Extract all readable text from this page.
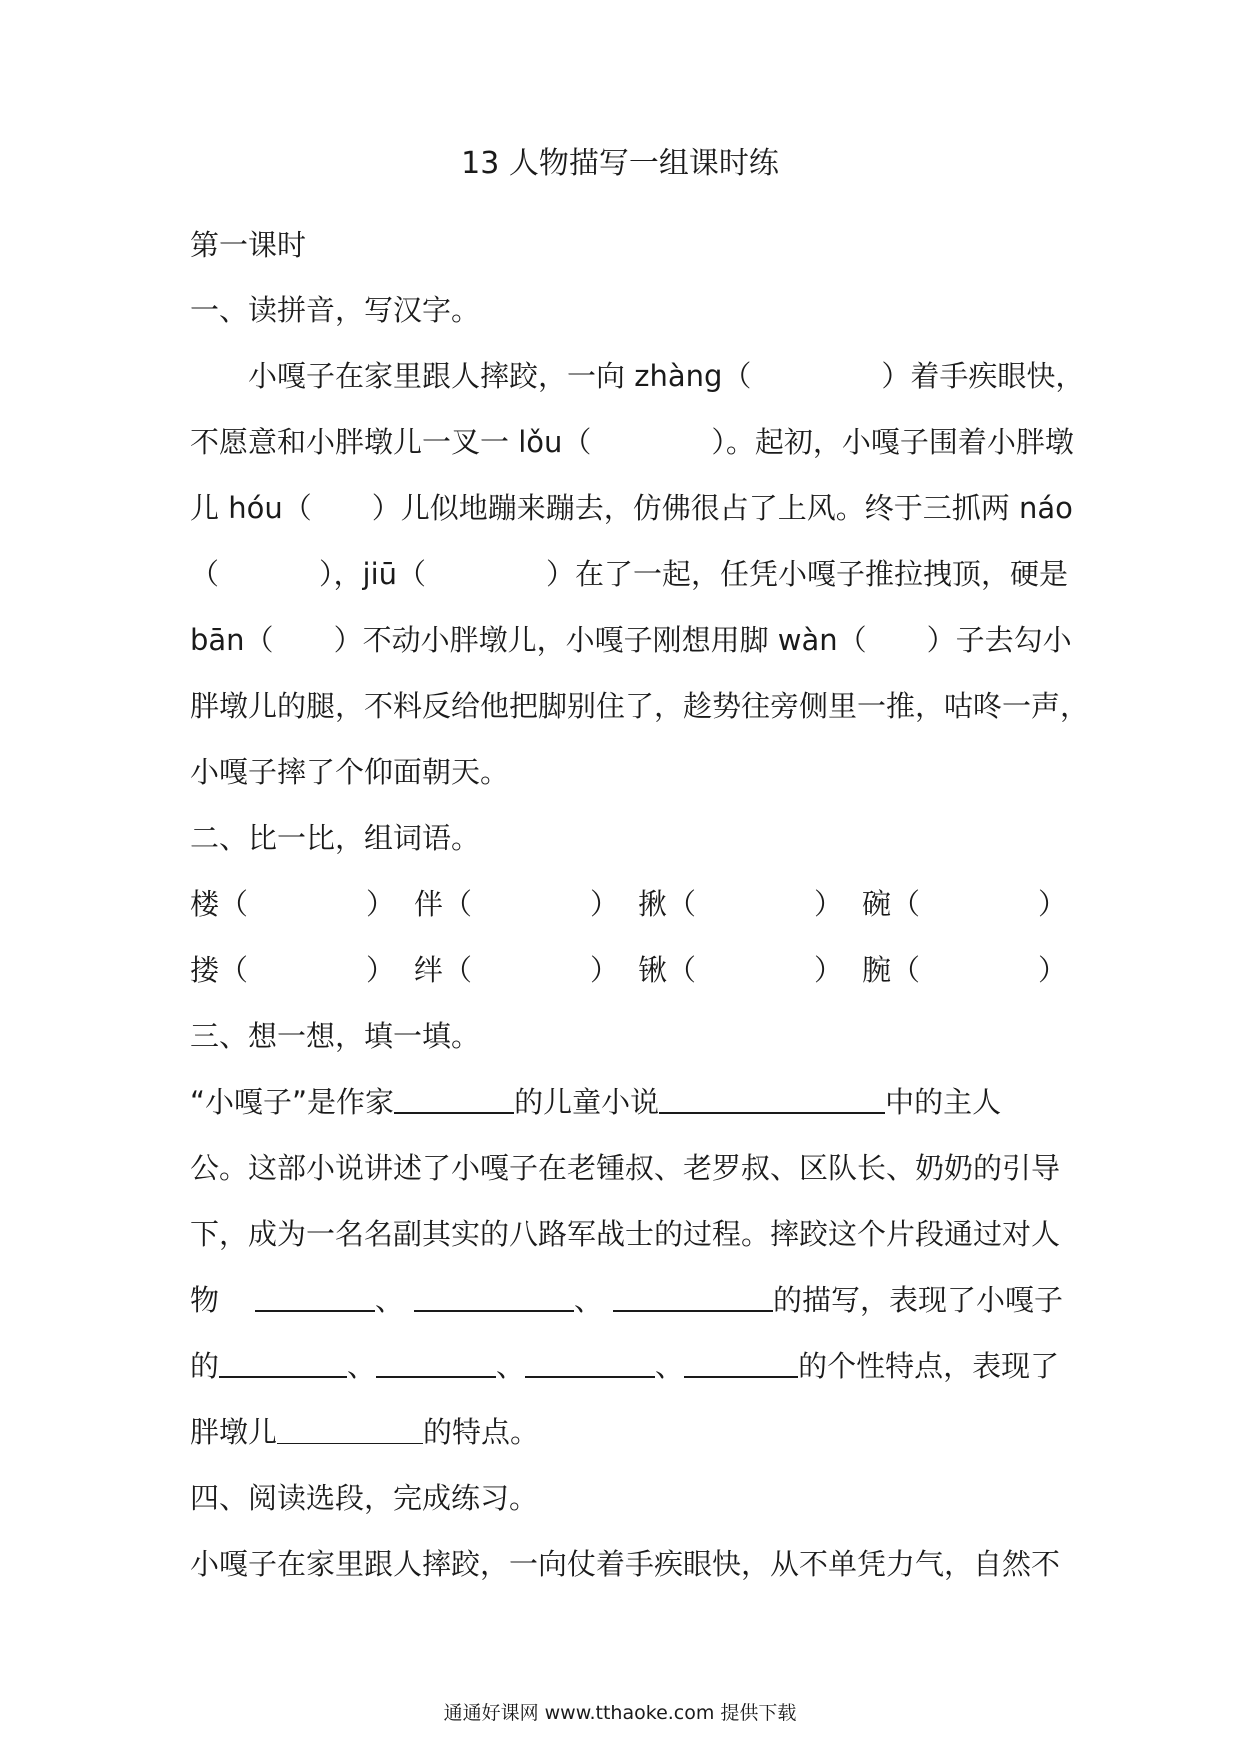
13 人物描写一组课时练
第一课时
一、读拼音，写汉字。
小嘎子在家里跟人摔跤，一向 zhàng（	）着手疾眼快，
不愿意和小胖墩儿一叉一 lǒu（	）。起初，小嘎子围着小胖墩
儿 hóu（ ）儿似地蹦来蹦去，仿佛很占了上风。终于三抓两 náo
（	），jiū（	）在了一起，任凭小嘎子推拉拽顶，硬是
bān（ ）不动小胖墩儿，小嘎子刚想用脚 wàn（ ）子去勾小
胖墩儿的腿，不料反给他把脚别住了，趁势往旁侧里一推，咕咚一声，
小嘎子摔了个仰面朝天。
二、比一比，组词语。
楼（	） 伴（	） 揪（	） 碗（	）
搂（	） 绊（	） 锹（	） 腕（	）
三、想一想，填一填。
“小嘎子”是作家	的儿童小说	中的主人
公。这部小说讲述了小嘎子在老锺叔、老罗叔、区队长、奶奶的引导
下，成为一名名副其实的八路军战士的过程。摔跤这个片段通过对人
物	、	、	的描写，表现了小嘎子
的	、	、	、	的个性特点，表现了
胖墩儿	的特点。
四、阅读选段，完成练习。
小嘎子在家里跟人摔跤，一向仗着手疾眼快，从不单凭力气，自然不
通通好课网 www.tthaoke.com 提供下载
